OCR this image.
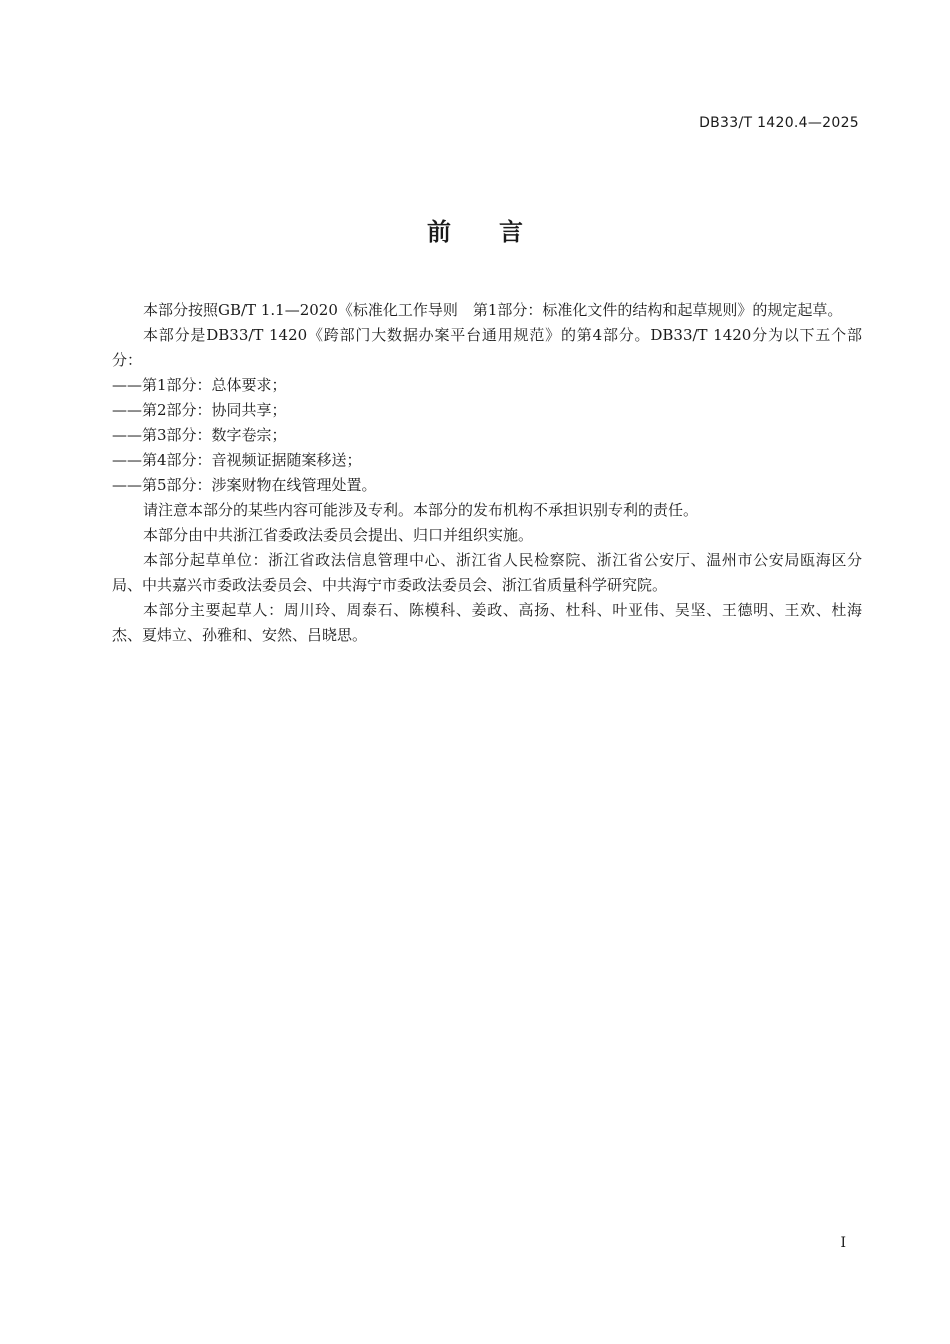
DB33/T 1420.4—2025
前言

本部分按照GB/T 1.1—2020《标准化工作导则　第1部分：标准化文件的结构和起草规则》的规定起草。

本部分是DB33/T 1420《跨部门大数据办案平台通用规范》的第4部分。DB33/T 1420分为以下五个部分：

——第1部分：总体要求；

——第2部分：协同共享；

——第3部分：数字卷宗；

——第4部分：音视频证据随案移送；

——第5部分：涉案财物在线管理处置。

请注意本部分的某些内容可能涉及专利。本部分的发布机构不承担识别专利的责任。

本部分由中共浙江省委政法委员会提出、归口并组织实施。

本部分起草单位：浙江省政法信息管理中心、浙江省人民检察院、浙江省公安厅、温州市公安局瓯海区分局、中共嘉兴市委政法委员会、中共海宁市委政法委员会、浙江省质量科学研究院。

本部分主要起草人：周川玲、周泰石、陈模科、姜政、高扬、杜科、叶亚伟、吴坚、王德明、王欢、杜海杰、夏炜立、孙雅和、安然、吕晓思。

I
